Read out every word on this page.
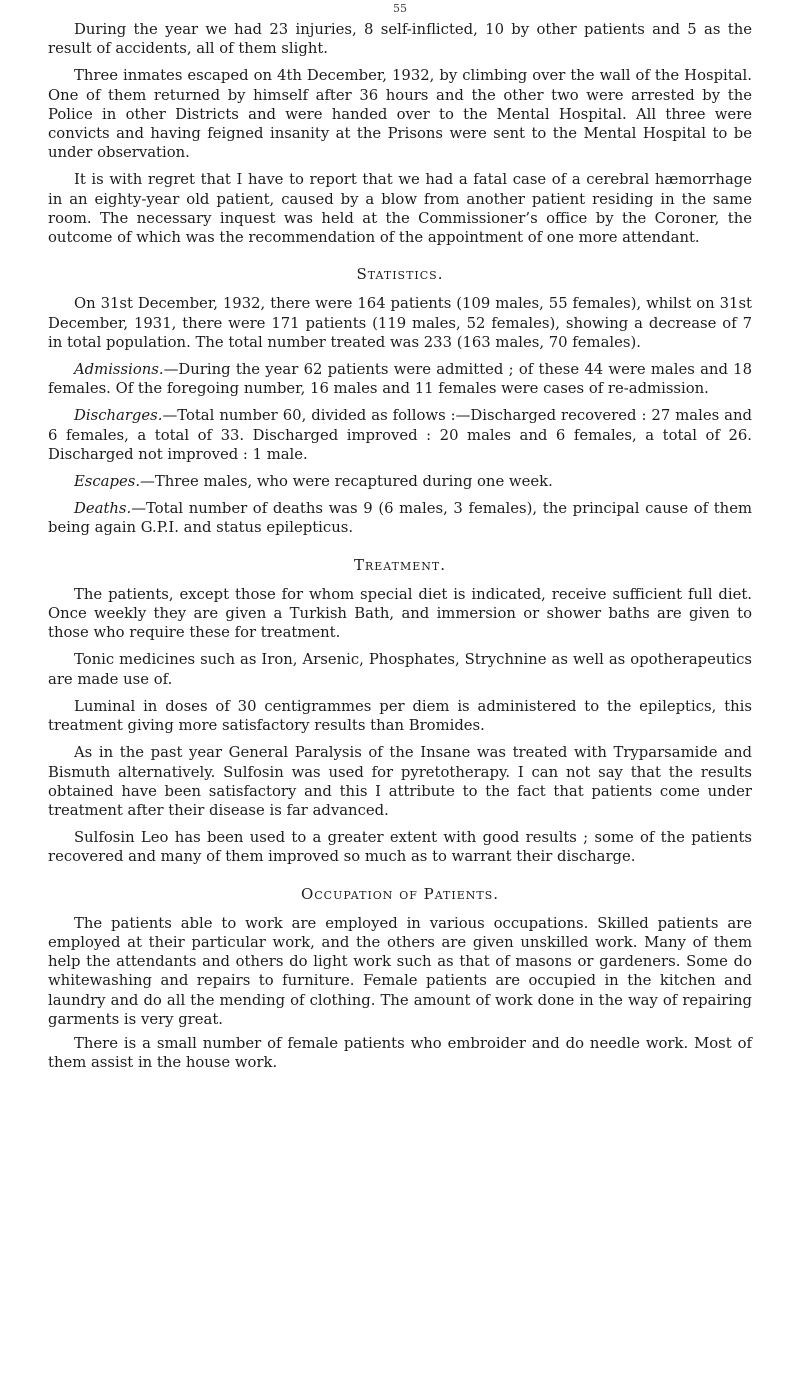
55

During the year we had 23 injuries, 8 self-inflicted, 10 by other patients and 5 as the result of accidents, all of them slight.

Three inmates escaped on 4th December, 1932, by climbing over the wall of the Hospital. One of them returned by himself after 36 hours and the other two were arrested by the Police in other Districts and were handed over to the Mental Hospital. All three were convicts and having feigned insanity at the Prisons were sent to the Mental Hospital to be under observation.

It is with regret that I have to report that we had a fatal case of a cerebral hæmorrhage in an eighty-year old patient, caused by a blow from another patient residing in the same room. The necessary inquest was held at the Commissioner’s office by the Coroner, the outcome of which was the recommendation of the appointment of one more attendant.

Statistics.

On 31st December, 1932, there were 164 patients (109 males, 55 females), whilst on 31st December, 1931, there were 171 patients (119 males, 52 females), showing a decrease of 7 in total population. The total number treated was 233 (163 males, 70 females).

Admissions.—During the year 62 patients were admitted ; of these 44 were males and 18 females. Of the foregoing number, 16 males and 11 females were cases of re-admission.

Discharges.—Total number 60, divided as follows :—Discharged recovered : 27 males and 6 females, a total of 33. Discharged improved : 20 males and 6 females, a total of 26. Discharged not improved : 1 male.

Escapes.—Three males, who were recaptured during one week.

Deaths.—Total number of deaths was 9 (6 males, 3 females), the principal cause of them being again G.P.I. and status epilepticus.

Treatment.

The patients, except those for whom special diet is indicated, receive sufficient full diet. Once weekly they are given a Turkish Bath, and immersion or shower baths are given to those who require these for treatment.

Tonic medicines such as Iron, Arsenic, Phosphates, Strychnine as well as opotherapeutics are made use of.

Luminal in doses of 30 centigrammes per diem is administered to the epileptics, this treatment giving more satisfactory results than Bromides.

As in the past year General Paralysis of the Insane was treated with Tryparsamide and Bismuth alternatively. Sulfosin was used for pyretotherapy. I can not say that the results obtained have been satisfactory and this I attribute to the fact that patients come under treatment after their disease is far advanced.

Sulfosin Leo has been used to a greater extent with good results ; some of the patients recovered and many of them improved so much as to warrant their discharge.

Occupation of Patients.

The patients able to work are employed in various occupations. Skilled patients are employed at their particular work, and the others are given unskilled work. Many of them help the attendants and others do light work such as that of masons or gardeners. Some do whitewashing and repairs to furniture. Female patients are occupied in the kitchen and laundry and do all the mending of clothing. The amount of work done in the way of repairing garments is very great.

There is a small number of female patients who embroider and do needle work. Most of them assist in the house work.
